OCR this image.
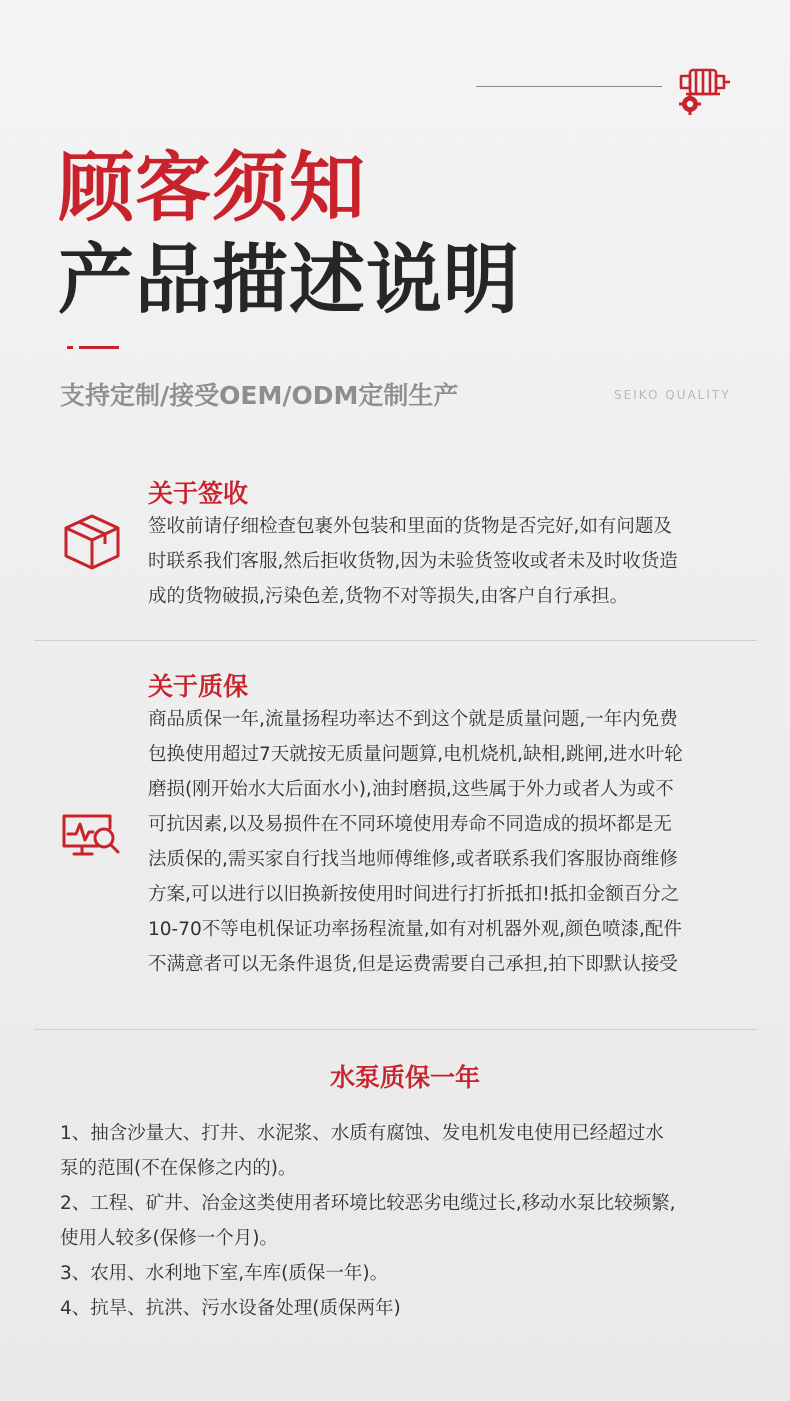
顾客须知
产品描述说明
支持定制/接受OEM/ODM定制生产	SEIKO QUALITY
关于签收
签收前请仔细检查包裹外包装和里面的货物是否完好,如有问题及
时联系我们客服,然后拒收货物,因为未验货签收或者未及时收货造
成的货物破损,污染色差,货物不对等损失,由客户自行承担。
关于质保
商品质保一年,流量扬程功率达不到这个就是质量问题,一年内免费
包换使用超过7天就按无质量问题算,电机烧机,缺相,跳闸,进水叶轮
磨损(刚开始水大后面水小),油封磨损,这些属于外力或者人为或不
可抗因素,以及易损件在不同环境使用寿命不同造成的损坏都是无
法质保的,需买家自行找当地师傅维修,或者联系我们客服协商维修
方案,可以进行以旧换新按使用时间进行打折抵扣!抵扣金额百分之
10-70不等电机保证功率扬程流量,如有对机器外观,颜色喷漆,配件
不满意者可以无条件退货,但是运费需要自己承担,拍下即默认接受
水泵质保一年
1、抽含沙量大、打井、水泥浆、水质有腐蚀、发电机发电使用已经超过水
泵的范围(不在保修之内的)。
2、工程、矿井、冶金这类使用者环境比较恶劣电缆过长,移动水泵比较频繁,
使用人较多(保修一个月)。
3、农用、水利地下室,车库(质保一年)。
4、抗旱、抗洪、污水设备处理(质保两年)
